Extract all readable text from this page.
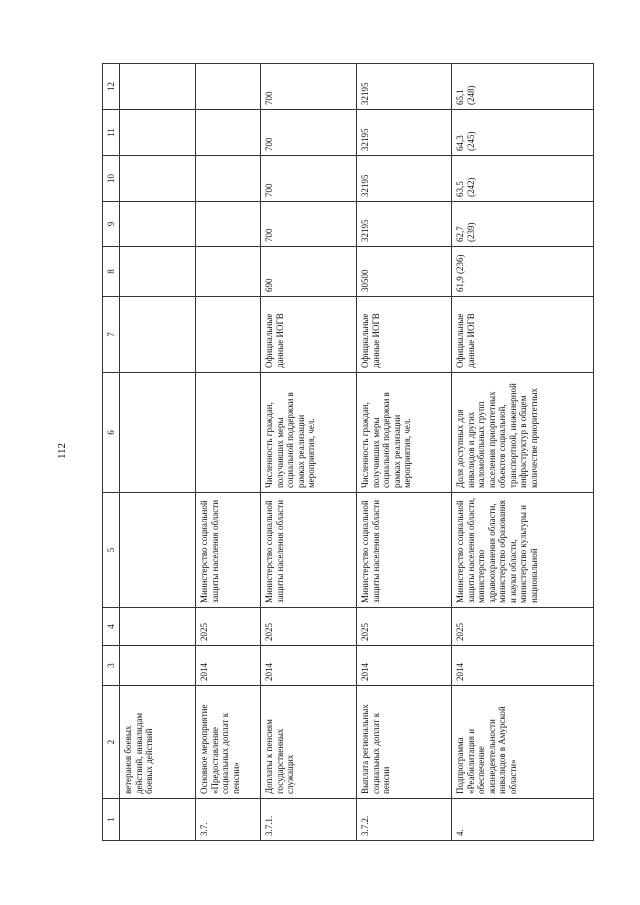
112
1	2	3	4	5	6	7	8	9	10	11	12
	ветеранов боевых действий, инвалидам боевых действий										
3.7.	Основное мероприятие «Предоставление социальных доплат к пенсии»	2014	2025	Министерство социальной защиты населения области							
3.7.1.	Доплаты к пенсиям государственных служащих	2014	2025	Министерство социальной защиты населения области	Численность граждан, получивших меры социальной поддержки в рамках реализации мероприятия, чел.	Официальные данные ИОГВ	690	700	700	700	700
3.7.2.	Выплата региональных социальных доплат к пенсии	2014	2025	Министерство социальной защиты населения области	Численность граждан, получивших меры социальной поддержки в рамках реализации мероприятия, чел.	Официальные данные ИОГВ	30500	32195	32195	32195	32195
4.	Подпрограмма «Реабилитация и обеспечение жизнедеятельности инвалидов в Амурской области»	2014	2025	Министерство социальной защиты населения области, министерство здравоохранения области, министерство образования и науки области, министерство культуры и национальной	Доля доступных для инвалидов и других маломобильных групп населения приоритетных объектов социальной, транспортной, инженерной инфраструктур в общем количестве приоритетных	Официальные данные ИОГВ	61,9 (236)	62,7 (239)	63,5 (242)	64,3 (245)	65,1 (248)
